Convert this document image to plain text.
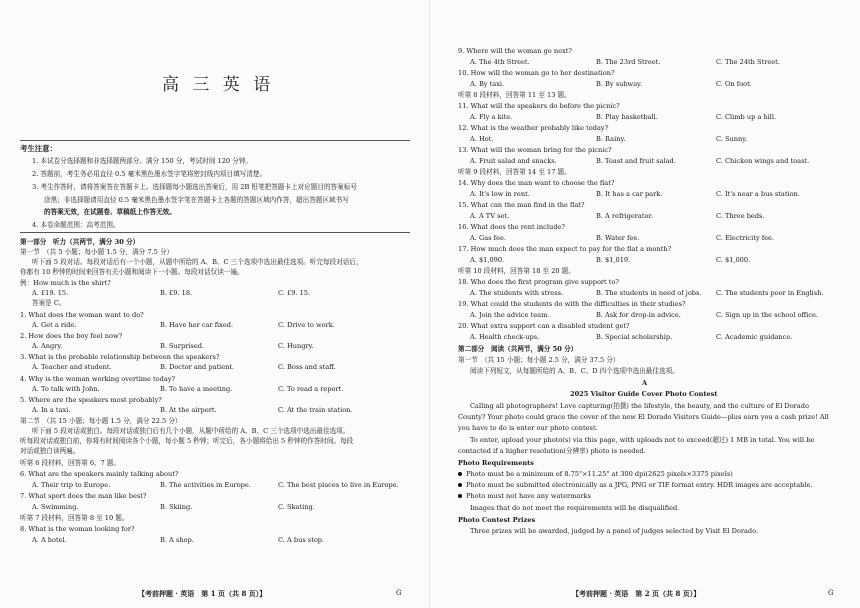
高 三 英 语
考生注意：
1. 本试卷分选择题和非选择题两部分。满分 150 分，考试时间 120 分钟。
2. 答题前，考生务必用直径 0.5 毫米黑色墨水签字笔将密封线内项目填写清楚。
3. 考生作答时，请将答案答在答题卡上。选择题每小题选出答案后，用 2B 铅笔把答题卡上对应题目的答案标号
涂黑；非选择题请用直径 0.5 毫米黑色墨水签字笔在答题卡上各题的答题区域内作答，超出答题区域书写
的答案无效，在试题卷、草稿纸上作答无效。
4. 本卷命题范围：高考范围。
第一部分　听力（共两节，满分 30 分）
第一节　（共 5 小题；每小题 1.5 分，满分 7.5 分）
听下面 5 段对话。每段对话后有一个小题，从题中所给的 A、B、C 三个选项中选出最佳选项。听完每段对话后，
你都有 10 秒钟的时间来回答有关小题和阅读下一小题。每段对话仅读一遍。
例：How much is the shirt?
A. £19. 15.	B. £9. 18.	C. £9. 15.
答案是 C。
1. What does the woman want to do?
A. Get a ride.	B. Have her car fixed.	C. Drive to work.
2. How does the boy feel now?
A. Angry.	B. Surprised.	C. Hungry.
3. What is the probable relationship between the speakers?
A. Teacher and student.	B. Doctor and patient.	C. Boss and staff.
4. Why is the woman working overtime today?
A. To talk with John.	B. To have a meeting.	C. To read a report.
5. Where are the speakers most probably?
A. In a taxi.	B. At the airport.	C. At the train station.
第二节　（共 15 小题；每小题 1.5 分，满分 22.5 分）
听下面 5 段对话或独白。每段对话或独白后有几个小题，从题中所给的 A、B、C 三个选项中选出最佳选项。
听每段对话或独白前，你将有时间阅读各个小题，每小题 5 秒钟；听完后，各小题将给出 5 秒钟的作答时间。每段
对话或独白读两遍。
听第 6 段材料，回答第 6、7 题。
6. What are the speakers mainly talking about?
A. Their trip to Europe.	B. The activities in Europe.	C. The best places to live in Europe.
7. What sport does the man like best?
A. Swimming.	B. Skiing.	C. Skating.
听第 7 段材料，回答第 8 至 10 题。
8. What is the woman looking for?
A. A hotel.	B. A shop.	C. A bus stop.
【考前押题 · 英语　第 1 页（共 8 页）】	G
9. Where will the woman go next?
A. The 4th Street.	B. The 23rd Street.	C. The 24th Street.
10. How will the woman go to her destination?
A. By taxi.	B. By subway.	C. On foot.
听第 8 段材料，回答第 11 至 13 题。
11. What will the speakers do before the picnic?
A. Fly a kite.	B. Play basketball.	C. Climb up a hill.
12. What is the weather probably like today?
A. Hot.	B. Rainy.	C. Sunny.
13. What will the woman bring for the picnic?
A. Fruit salad and snacks.	B. Toast and fruit salad.	C. Chicken wings and toast.
听第 9 段材料，回答第 14 至 17 题。
14. Why does the man want to choose the flat?
A. It's low in rent.	B. It has a car park.	C. It's near a bus station.
15. What can the man find in the flat?
A. A TV set.	B. A refrigerator.	C. Three beds.
16. What does the rent include?
A. Gas fee.	B. Water fee.	C. Electricity fee.
17. How much does the man expect to pay for the flat a month?
A. $1,090.	B. $1,019.	C. $1,000.
听第 10 段材料，回答第 18 至 20 题。
18. Who does the first program give support to?
A. The students with stress.	B. The students in need of jobs. C. The students poor in English.
19. What could the students do with the difficulties in their studies?
A. Join the advice team.	B. Ask for drop-in advice.	C. Sign up in the school office.
20. What extra support can a disabled student get?
A. Health check-ups.	B. Special scholarship.	C. Academic guidance.
第二部分　阅读（共两节，满分 50 分）
第一节　（共 15 小题；每小题 2.5 分，满分 37.5 分）
阅读下列短文，从每题所给的 A、B、C、D 四个选项中选出最佳选项。
A
2025 Visitor Guide Cover Photo Contest
Calling all photographers! Love capturing(拍摄) the lifestyle, the beauty, and the culture of El Dorado
County? Your photo could grace the cover of the new El Dorado Visitors Guide—plus earn you a cash prize! All
you have to do is enter our photo contest.
To enter, upload your photo(s) via this page, with uploads not to exceed(超过) 1 MB in total. You will be
contacted if a higher resolution(分辨率) photo is needed.
Photo Requirements
Photo must be a minimum of 8.75"×11.25" at 300 dpi(2625 pixels×3375 pixels)
Photo must be submitted electronically as a JPG, PNG or TIF format entry. HDR images are acceptable.
Photo must not have any watermarks
Images that do not meet the requirements will be disqualified.
Photo Contest Prizes
Three prizes will be awarded, judged by a panel of judges selected by Visit El Dorado.
【考前押题 · 英语　第 2 页（共 8 页）】	G
